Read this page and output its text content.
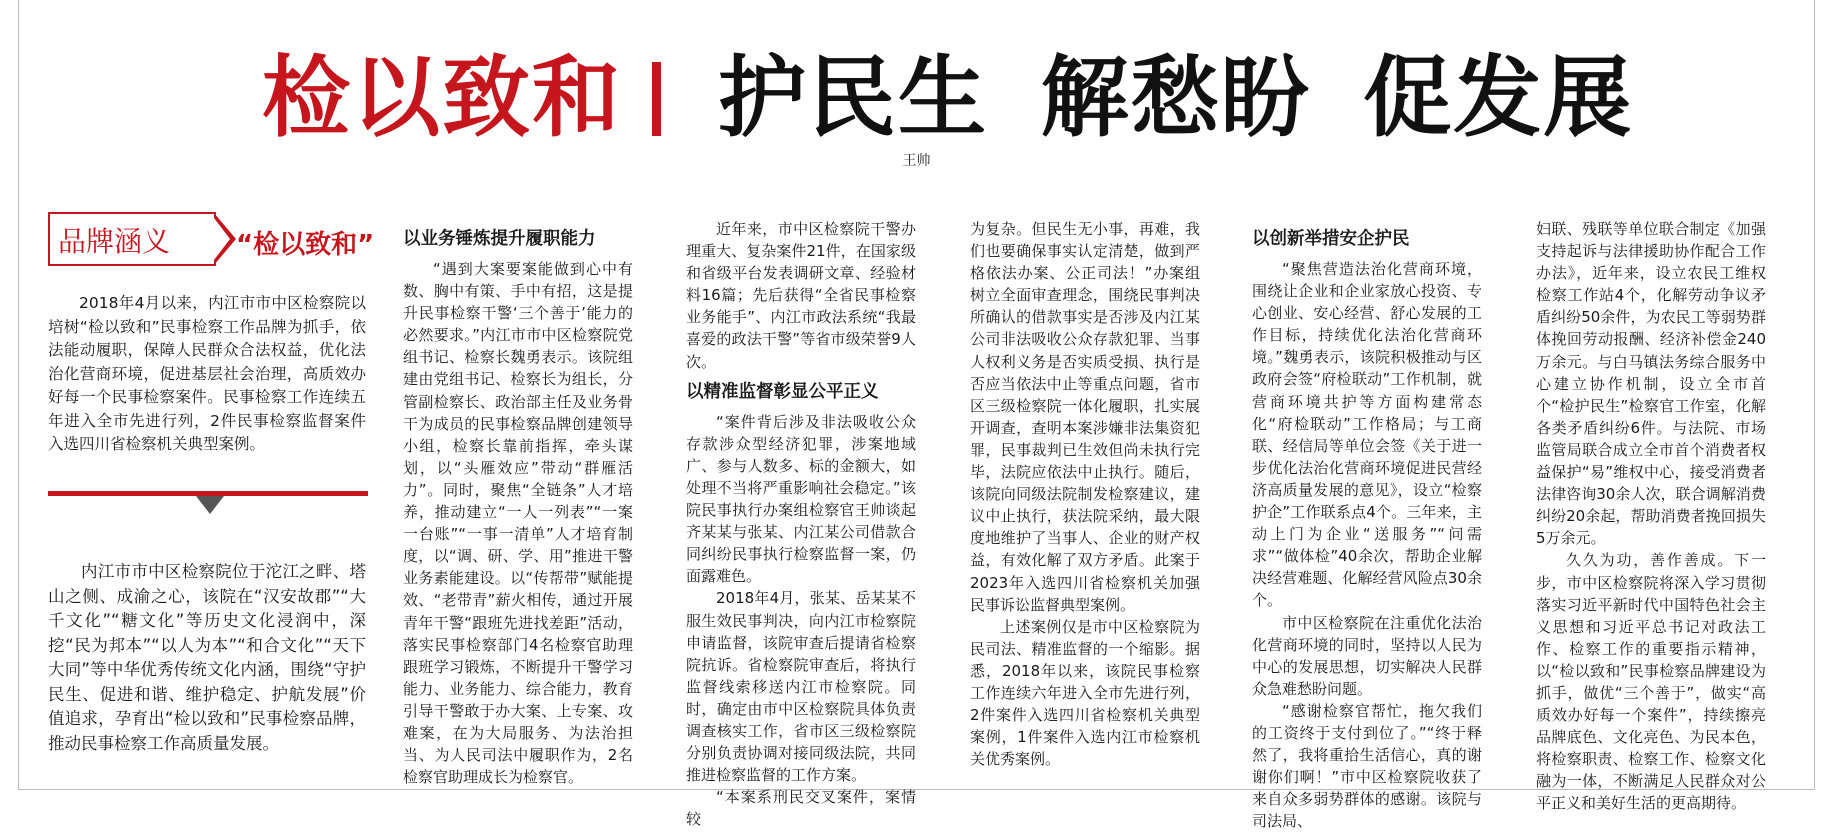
检以致和 护民生 解愁盼 促发展
王帅
品牌涵义	“检以致和”

2018年4月以来，内江市市中区检察院以培树“检以致和”民事检察工作品牌为抓手，依法能动履职，保障人民群众合法权益，优化法治化营商环境，促进基层社会治理，高质效办好每一个民事检察案件。民事检察工作连续五年进入全市先进行列，2件民事检察监督案件入选四川省检察机关典型案例。

内江市市中区检察院位于沱江之畔、塔山之侧、成渝之心，该院在“汉安故郡”“大千文化”“糖文化”等历史文化浸润中，深挖“民为邦本”“以人为本”“和合文化”“天下大同”等中华优秀传统文化内涵，围绕“守护民生、促进和谐、维护稳定、护航发展”价值追求，孕育出“检以致和”民事检察品牌，推动民事检察工作高质量发展。

以业务锤炼提升履职能力

“遇到大案要案能做到心中有数、胸中有策、手中有招，这是提升民事检察干警‘三个善于’能力的必然要求。”内江市市中区检察院党组书记、检察长魏勇表示。该院组建由党组书记、检察长为组长，分管副检察长、政治部主任及业务骨干为成员的民事检察品牌创建领导小组，检察长靠前指挥，牵头谋划，以“头雁效应”带动“群雁活力”。同时，聚焦“全链条”人才培养，推动建立“一人一列表”“一案一台账”“一事一清单”人才培育制度，以“调、研、学、用”推进干警业务素能建设。以“传帮带”赋能提效、“老带青”薪火相传，通过开展青年干警“跟班先进找差距”活动，落实民事检察部门4名检察官助理跟班学习锻炼，不断提升干警学习能力、业务能力、综合能力，教育引导干警敢于办大案、上专案、攻难案，在为大局服务、为法治担当、为人民司法中履职作为，2名检察官助理成长为检察官。

近年来，市中区检察院干警办理重大、复杂案件21件，在国家级和省级平台发表调研文章、经验材料16篇；先后获得“全省民事检察业务能手”、内江市政法系统“我最喜爱的政法干警”等省市级荣誉9人次。

以精准监督彰显公平正义

“案件背后涉及非法吸收公众存款涉众型经济犯罪，涉案地域广、参与人数多、标的金额大，如处理不当将严重影响社会稳定。”该院民事执行办案组检察官王帅谈起齐某某与张某、内江某公司借款合同纠纷民事执行检察监督一案，仍面露难色。

2018年4月，张某、岳某某不服生效民事判决，向内江市检察院申请监督，该院审查后提请省检察院抗诉。省检察院审查后，将执行监督线索移送内江市检察院。同时，确定由市中区检察院具体负责调查核实工作，省市区三级检察院分别负责协调对接同级法院，共同推进检察监督的工作方案。

“本案系刑民交叉案件，案情较

为复杂。但民生无小事，再难，我们也要确保事实认定清楚，做到严格依法办案、公正司法！”办案组树立全面审查理念，围绕民事判决所确认的借款事实是否涉及内江某公司非法吸收公众存款犯罪、当事人权利义务是否实质受损、执行是否应当依法中止等重点问题，省市区三级检察院一体化履职，扎实展开调查，查明本案涉嫌非法集资犯罪，民事裁判已生效但尚未执行完毕，法院应依法中止执行。随后，该院向同级法院制发检察建议，建议中止执行，获法院采纳，最大限度地维护了当事人、企业的财产权益，有效化解了双方矛盾。此案于2023年入选四川省检察机关加强民事诉讼监督典型案例。

上述案例仅是市中区检察院为民司法、精准监督的一个缩影。据悉，2018年以来，该院民事检察工作连续六年进入全市先进行列，2件案件入选四川省检察机关典型案例，1件案件入选内江市检察机关优秀案例。

以创新举措安企护民

“聚焦营造法治化营商环境，围绕让企业和企业家放心投资、专心创业、安心经营、舒心发展的工作目标，持续优化法治化营商环境。”魏勇表示，该院积极推动与区政府会签“府检联动”工作机制，就营商环境共护等方面构建常态化“府检联动”工作格局；与工商联、经信局等单位会签《关于进一步优化法治化营商环境促进民营经济高质量发展的意见》，设立“检察护企”工作联系点4个。三年来，主动上门为企业“送服务”“问需求”“做体检”40余次，帮助企业解决经营难题、化解经营风险点30余个。

市中区检察院在注重优化法治化营商环境的同时，坚持以人民为中心的发展思想，切实解决人民群众急难愁盼问题。

“感谢检察官帮忙，拖欠我们的工资终于支付到位了。”“终于释然了，我将重拾生活信心，真的谢谢你们啊！”市中区检察院收获了来自众多弱势群体的感谢。该院与司法局、

妇联、残联等单位联合制定《加强支持起诉与法律援助协作配合工作办法》，近年来，设立农民工维权检察工作站4个，化解劳动争议矛盾纠纷50余件，为农民工等弱势群体挽回劳动报酬、经济补偿金240万余元。与白马镇法务综合服务中心建立协作机制，设立全市首个“检护民生”检察官工作室，化解各类矛盾纠纷6件。与法院、市场监管局联合成立全市首个消费者权益保护“易”维权中心，接受消费者法律咨询30余人次，联合调解消费纠纷20余起，帮助消费者挽回损失5万余元。

久久为功，善作善成。下一步，市中区检察院将深入学习贯彻落实习近平新时代中国特色社会主义思想和习近平总书记对政法工作、检察工作的重要指示精神，以“检以致和”民事检察品牌建设为抓手，做优“三个善于”，做实“高质效办好每一个案件”，持续擦亮品牌底色、文化亮色、为民本色，将检察职责、检察工作、检察文化融为一体，不断满足人民群众对公平正义和美好生活的更高期待。
